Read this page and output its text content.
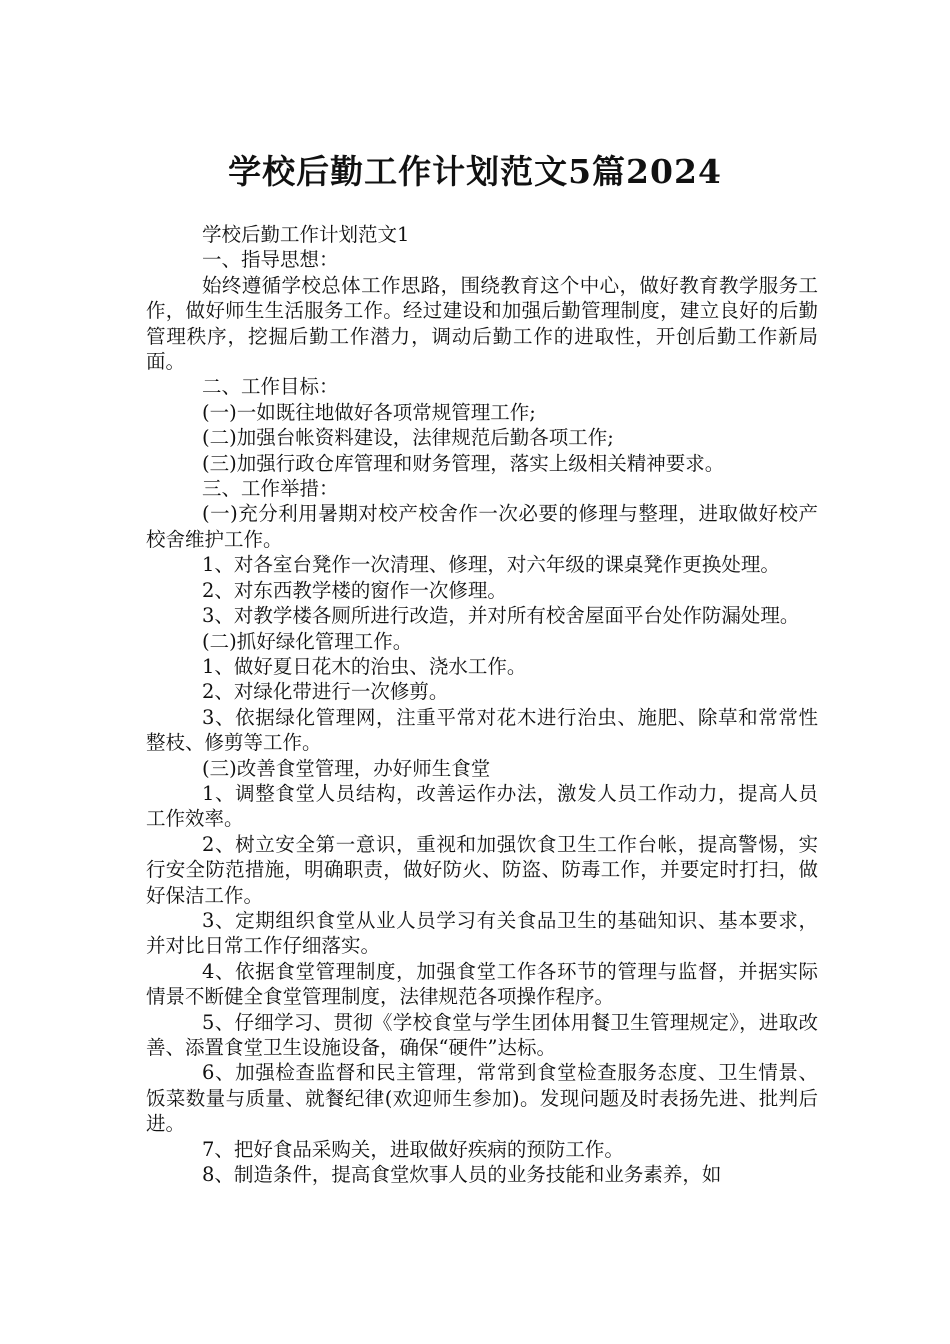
学校后勤工作计划范文5篇2024

学校后勤工作计划范文1

一、指导思想：

始终遵循学校总体工作思路，围绕教育这个中心，做好教育教学服务工作，做好师生生活服务工作。经过建设和加强后勤管理制度，建立良好的后勤管理秩序，挖掘后勤工作潜力，调动后勤工作的进取性，开创后勤工作新局面。

二、工作目标：

(一)一如既往地做好各项常规管理工作;

(二)加强台帐资料建设，法律规范后勤各项工作;

(三)加强行政仓库管理和财务管理，落实上级相关精神要求。

三、工作举措：

(一)充分利用暑期对校产校舍作一次必要的修理与整理，进取做好校产校舍维护工作。

1、对各室台凳作一次清理、修理，对六年级的课桌凳作更换处理。

2、对东西教学楼的窗作一次修理。

3、对教学楼各厕所进行改造，并对所有校舍屋面平台处作防漏处理。

(二)抓好绿化管理工作。

1、做好夏日花木的治虫、浇水工作。

2、对绿化带进行一次修剪。

3、依据绿化管理网，注重平常对花木进行治虫、施肥、除草和常常性整枝、修剪等工作。

(三)改善食堂管理，办好师生食堂

1、调整食堂人员结构，改善运作办法，激发人员工作动力，提高人员工作效率。

2、树立安全第一意识，重视和加强饮食卫生工作台帐，提高警惕，实行安全防范措施，明确职责，做好防火、防盗、防毒工作，并要定时打扫，做好保洁工作。

3、定期组织食堂从业人员学习有关食品卫生的基础知识、基本要求，并对比日常工作仔细落实。

4、依据食堂管理制度，加强食堂工作各环节的管理与监督，并据实际情景不断健全食堂管理制度，法律规范各项操作程序。

5、仔细学习、贯彻《学校食堂与学生团体用餐卫生管理规定》，进取改善、添置食堂卫生设施设备，确保“硬件”达标。

6、加强检查监督和民主管理，常常到食堂检查服务态度、卫生情景、饭菜数量与质量、就餐纪律(欢迎师生参加)。发现问题及时表扬先进、批判后进。

7、把好食品采购关，进取做好疾病的预防工作。

8、制造条件，提高食堂炊事人员的业务技能和业务素养，如
